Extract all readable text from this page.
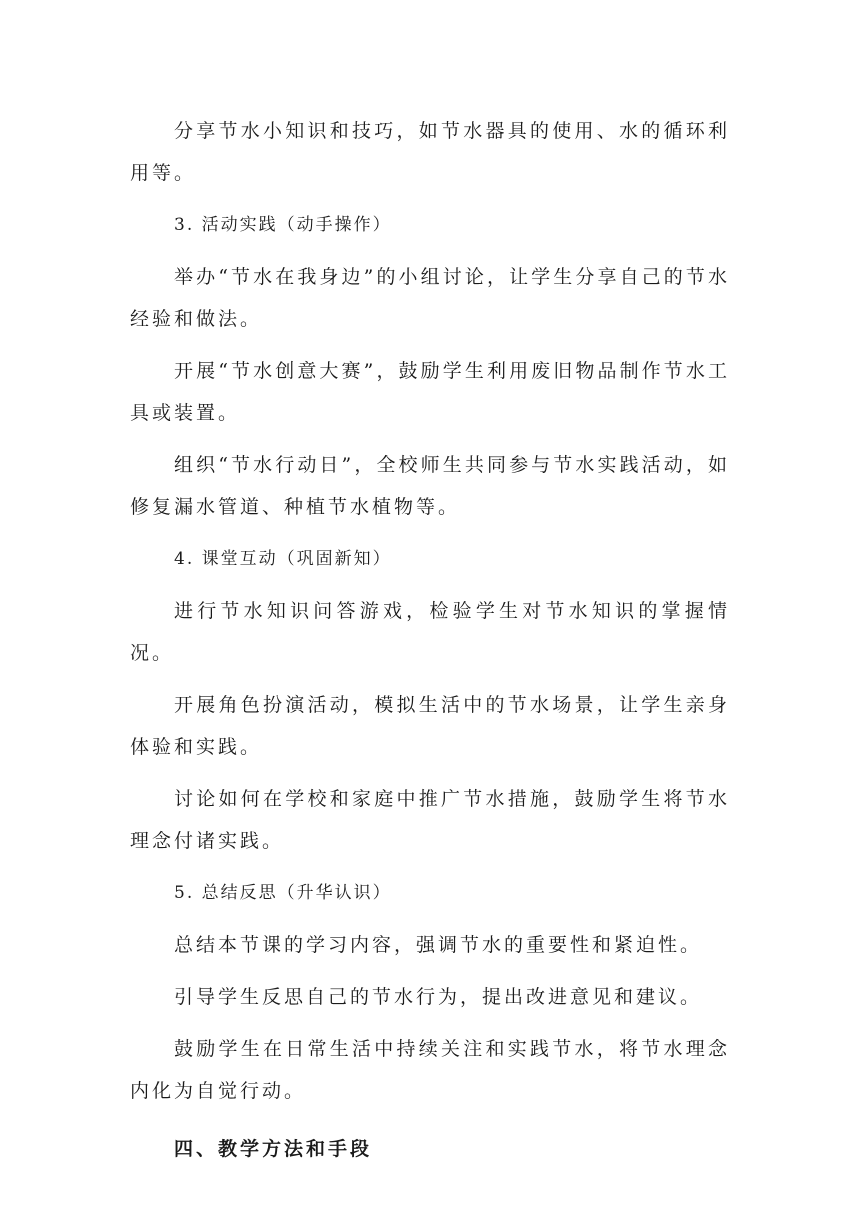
分享节水小知识和技巧，如节水器具的使用、水的循环利用等。

3. 活动实践（动手操作）

举办“节水在我身边”的小组讨论，让学生分享自己的节水经验和做法。

开展“节水创意大赛”，鼓励学生利用废旧物品制作节水工具或装置。

组织“节水行动日”，全校师生共同参与节水实践活动，如修复漏水管道、种植节水植物等。

4. 课堂互动（巩固新知）

进行节水知识问答游戏，检验学生对节水知识的掌握情况。

开展角色扮演活动，模拟生活中的节水场景，让学生亲身体验和实践。

讨论如何在学校和家庭中推广节水措施，鼓励学生将节水理念付诸实践。

5. 总结反思（升华认识）

总结本节课的学习内容，强调节水的重要性和紧迫性。

引导学生反思自己的节水行为，提出改进意见和建议。

鼓励学生在日常生活中持续关注和实践节水，将节水理念内化为自觉行动。

四、教学方法和手段
